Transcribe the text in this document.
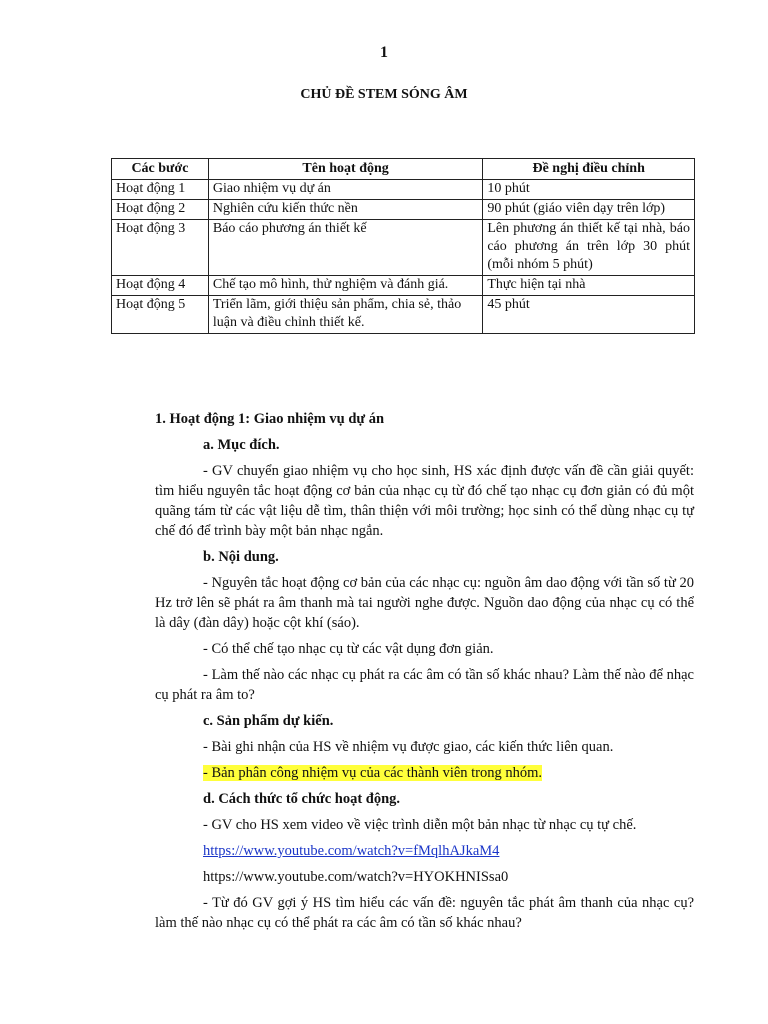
1
CHỦ ĐỀ STEM SÓNG ÂM
Các bước	Tên hoạt động	Đề nghị điều chỉnh
Hoạt động 1	Giao nhiệm vụ dự án	10 phút
Hoạt động 2	Nghiên cứu kiến thức nền	90 phút (giáo viên dạy trên lớp)
Hoạt động 3	Báo cáo phương án thiết kế	Lên phương án thiết kế tại nhà, báo cáo phương án trên lớp 30 phút (mỗi nhóm 5 phút)
Hoạt động 4	Chế tạo mô hình, thử nghiệm và đánh giá.	Thực hiện tại nhà
Hoạt động 5	Triển lãm, giới thiệu sản phẩm, chia sẻ, thảo luận và điều chỉnh thiết kế.	45 phút

1. Hoạt động 1: Giao nhiệm vụ dự án

a. Mục đích.

- GV chuyển giao nhiệm vụ cho học sinh, HS xác định được vấn đề cần giải quyết: tìm hiểu nguyên tắc hoạt động cơ bản của nhạc cụ từ đó chế tạo nhạc cụ đơn giản có đủ một quãng tám từ các vật liệu dễ tìm, thân thiện với môi trường; học sinh có thể dùng nhạc cụ tự chế đó để trình bày một bản nhạc ngắn.

b. Nội dung.

- Nguyên tắc hoạt động cơ bản của các nhạc cụ: nguồn âm dao động với tần số từ 20 Hz trở lên sẽ phát ra âm thanh mà tai người nghe được. Nguồn dao động của nhạc cụ có thể là dây (đàn dây) hoặc cột khí (sáo).

- Có thể chế tạo nhạc cụ từ các vật dụng đơn giản.

- Làm thế nào các nhạc cụ phát ra các âm có tần số khác nhau? Làm thế nào để nhạc cụ phát ra âm to?

c. Sản phẩm dự kiến.

- Bài ghi nhận của HS về nhiệm vụ được giao, các kiến thức liên quan.

- Bản phân công nhiệm vụ của các thành viên trong nhóm.

d. Cách thức tổ chức hoạt động.

- GV cho HS xem video về việc trình diễn một bản nhạc từ nhạc cụ tự chế.

https://www.youtube.com/watch?v=fMqlhAJkaM4

https://www.youtube.com/watch?v=HYOKHNISsa0

- Từ đó GV gợi ý HS tìm hiểu các vấn đề: nguyên tắc phát âm thanh của nhạc cụ? làm thế nào nhạc cụ có thể phát ra các âm có tần số khác nhau?
